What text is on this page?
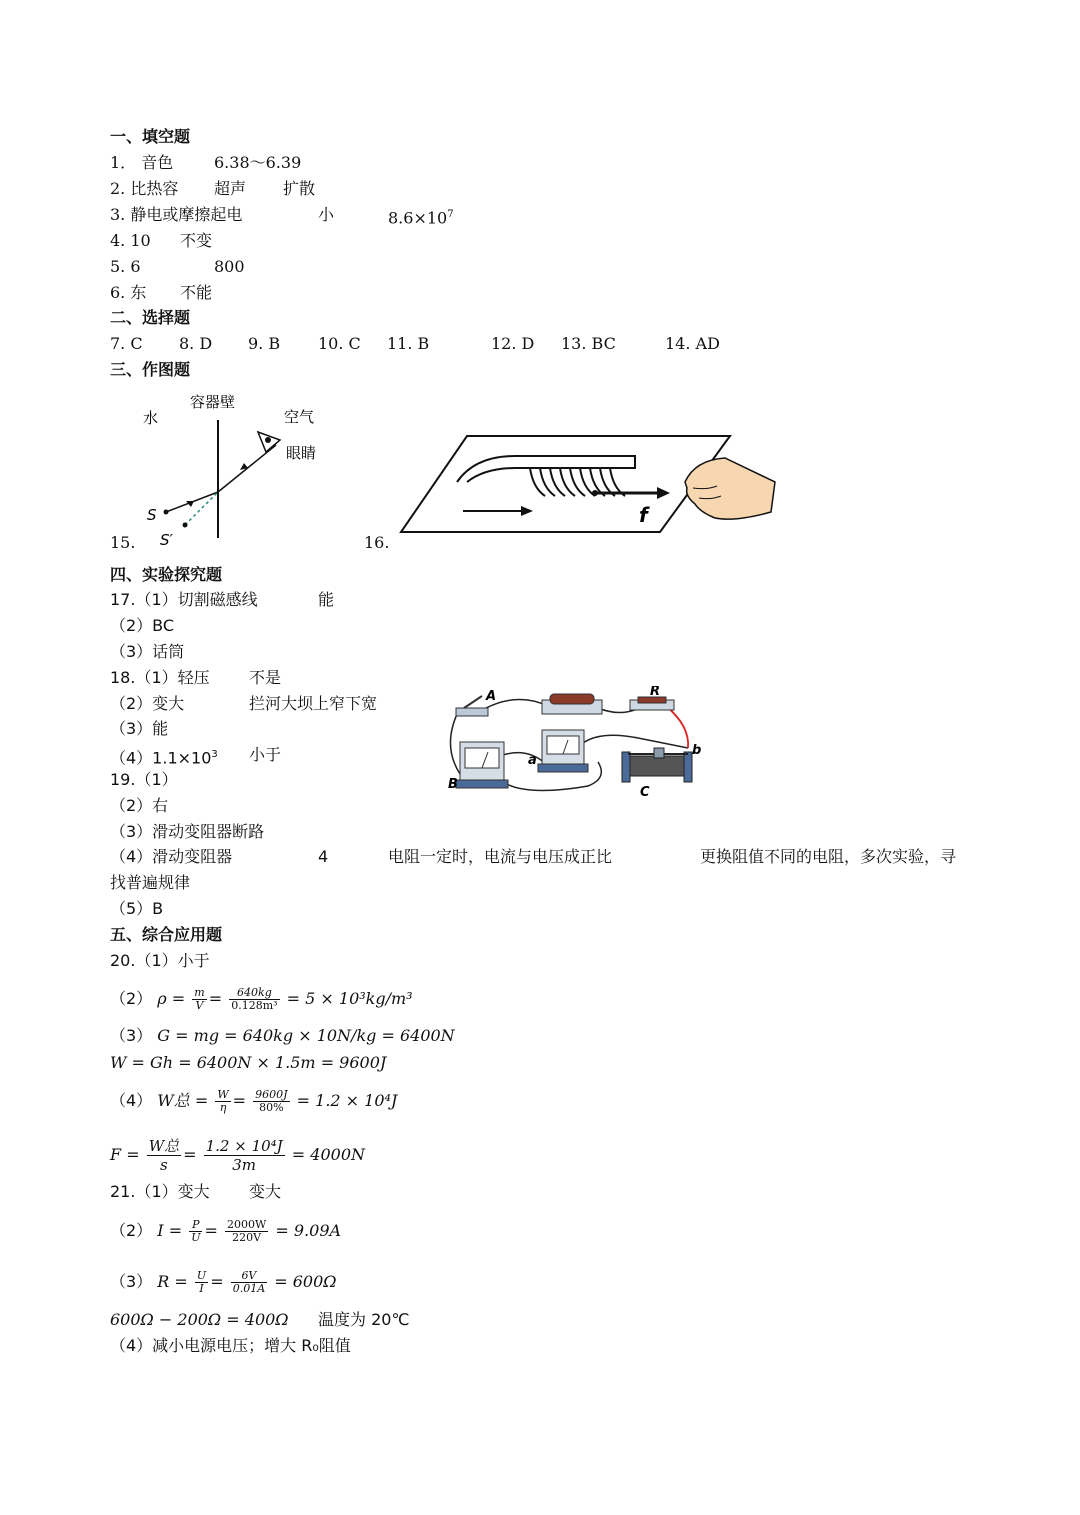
一、填空题
1． 音色	6.38～6.39
2. 比热容 超声 扩散
3. 静电或摩擦起电	小	$8.6\times 10^7$
4. 10 不变
5. 6	800
6. 东 不能
二、选择题
7. C 8. D 9. B 10. C 11. B	12. D 13. BC	14. AD
三、作图题
水
容器壁
空气
眼睛
S
S′
15.
f
16.
四、实验探究题
17.（1）切割磁感线	能
（2）BC
（3）话筒
18.（1）轻压 不是
（2）变大	拦河大坝上窄下宽
（3）能
$(4)1.1\times 10^3$ 小于
19.（1）
（2）右
（3）滑动变阻器断路
（4）滑动变阻器	4	电阻一定时，电流与电压成正比	更换阻值不同的电阻，多次实验，寻
找普遍规律
（5）B
A	R
B
a
b
C
五、综合应用题
20.（1）小于
（2） $\rho = \frac{m}{V} = \frac{640kg}{\text{0.128m³}} = 5 \times 10^3kg/m^3$
（3） G = mg = 640kg × 10N/kg = 6400N
W = Gh = 6400N × 1.5m = 9600J
（4） W总 = $\frac{W}{\eta} = \frac{9600J}{80\%} = 1.2 \times 10^4J$
$F = \frac{\text{W总}}{s} = \frac{\text{1.2 × 10⁴J}}{3m} = 4000N$
21.（1）变大 变大
（2） $I = \frac{P}{U} = \frac{2000W}{220V} = 9.09A$
（3） $R = \frac{U}{I} = \frac{6V}{0.01A} = 600\Omega$
600Ω − 200Ω = 400Ω 温度为 20℃
（4）减小电源电压；增大 R₀阻值
